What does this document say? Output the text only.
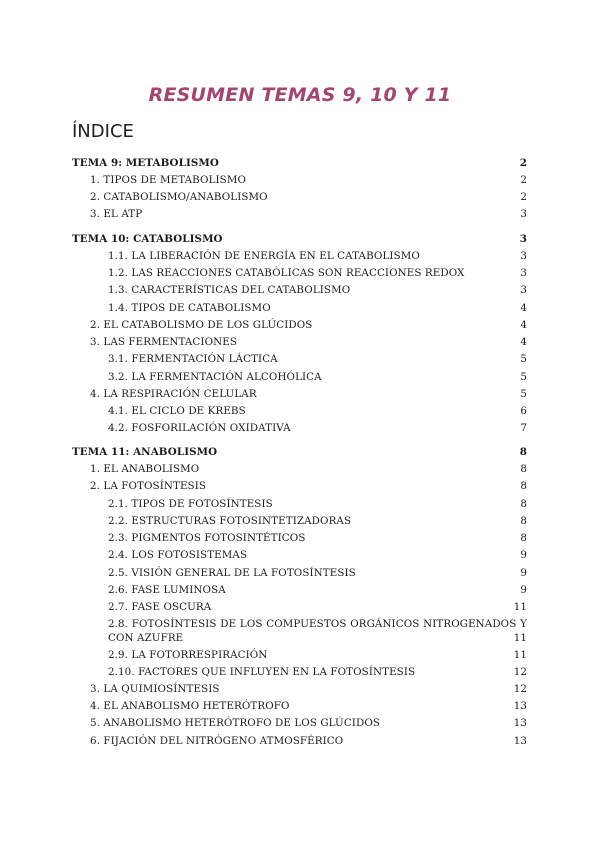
RESUMEN TEMAS 9, 10 Y 11
ÍNDICE
TEMA 9: METABOLISMO	2
1. TIPOS DE METABOLISMO	2
2. CATABOLISMO/ANABOLISMO	2
3. EL ATP	3
TEMA 10: CATABOLISMO	3
1.1. LA LIBERACIÓN DE ENERGÍA EN EL CATABOLISMO	3
1.2. LAS REACCIONES CATABÓLICAS SON REACCIONES REDOX	3
1.3. CARACTERÍSTICAS DEL CATABOLISMO	3
1.4. TIPOS DE CATABOLISMO	4
2. EL CATABOLISMO DE LOS GLÚCIDOS	4
3. LAS FERMENTACIONES	4
3.1. FERMENTACIÓN LÁCTICA	5
3.2. LA FERMENTACIÓN ALCOHÓLICA	5
4. LA RESPIRACIÓN CELULAR	5
4.1. EL CICLO DE KREBS	6
4.2. FOSFORILACIÓN OXIDATIVA	7
TEMA 11: ANABOLISMO	8
1. EL ANABOLISMO	8
2. LA FOTOSÍNTESIS	8
2.1. TIPOS DE FOTOSÍNTESIS	8
2.2. ESTRUCTURAS FOTOSINTETIZADORAS	8
2.3. PIGMENTOS FOTOSINTÉTICOS	8
2.4. LOS FOTOSISTEMAS	9
2.5. VISIÓN GENERAL DE LA FOTOSÍNTESIS	9
2.6. FASE LUMINOSA	9
2.7. FASE OSCURA	11
2.8. FOTOSÍNTESIS DE LOS COMPUESTOS ORGÁNICOS NITROGENADOS Y CON AZUFRE	11
2.9. LA FOTORRESPIRACIÓN	11
2.10. FACTORES QUE INFLUYEN EN LA FOTOSÍNTESIS	12
3. LA QUIMIOSÍNTESIS	12
4. EL ANABOLISMO HETERÓTROFO	13
5. ANABOLISMO HETERÓTROFO DE LOS GLÚCIDOS	13
6. FIJACIÓN DEL NITRÓGENO ATMOSFÉRICO	13
